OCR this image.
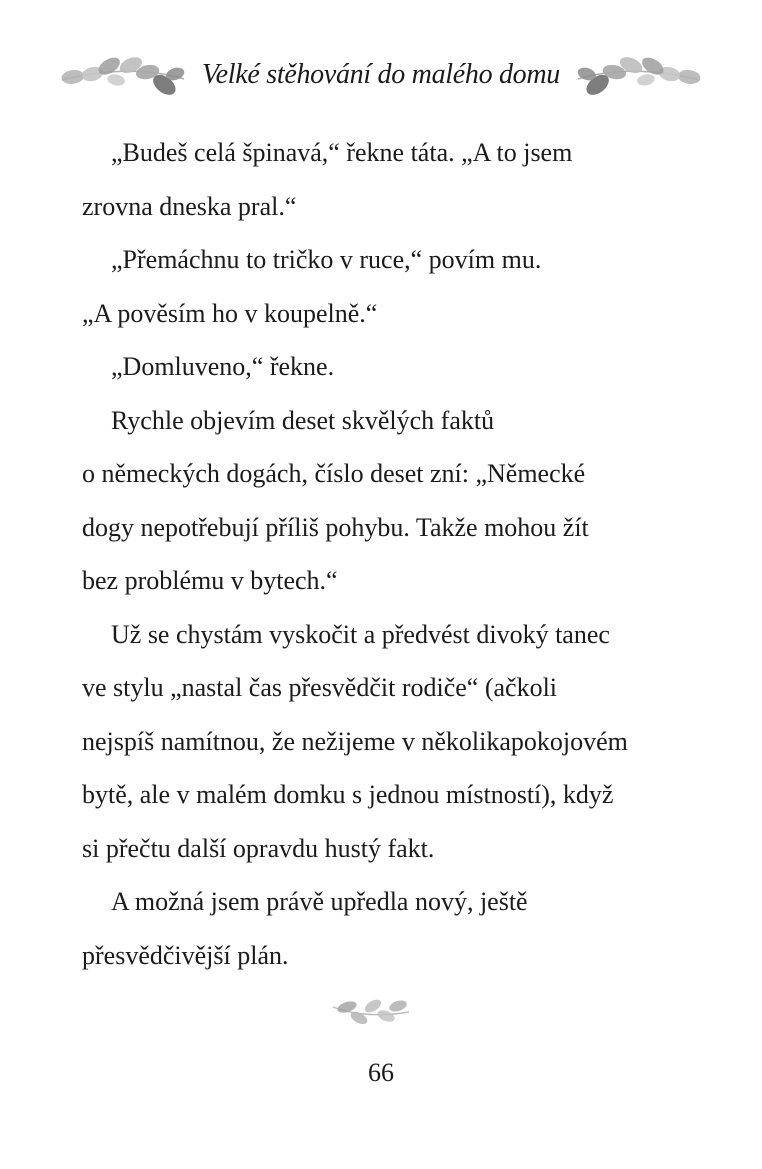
Velké stěhování do malého domu
„Budeš celá špinavá,“ řekne táta. „A to jsem
zrovna dneska pral.“
„Přemáchnu to tričko v ruce,“ povím mu.
„A pověsím ho v koupelně.“
„Domluveno,“ řekne.
Rychle objevím deset skvělých faktů
o německých dogách, číslo deset zní: „Německé
dogy nepotřebují příliš pohybu. Takže mohou žít
bez problému v bytech.“
Už se chystám vyskočit a předvést divoký tanec
ve stylu „nastal čas přesvědčit rodiče“ (ačkoli
nejspíš namítnou, že nežijeme v několikapokojovém
bytě, ale v malém domku s jednou místností), když
si přečtu další opravdu hustý fakt.
A možná jsem právě upředla nový, ještě
přesvědčivější plán.
66
